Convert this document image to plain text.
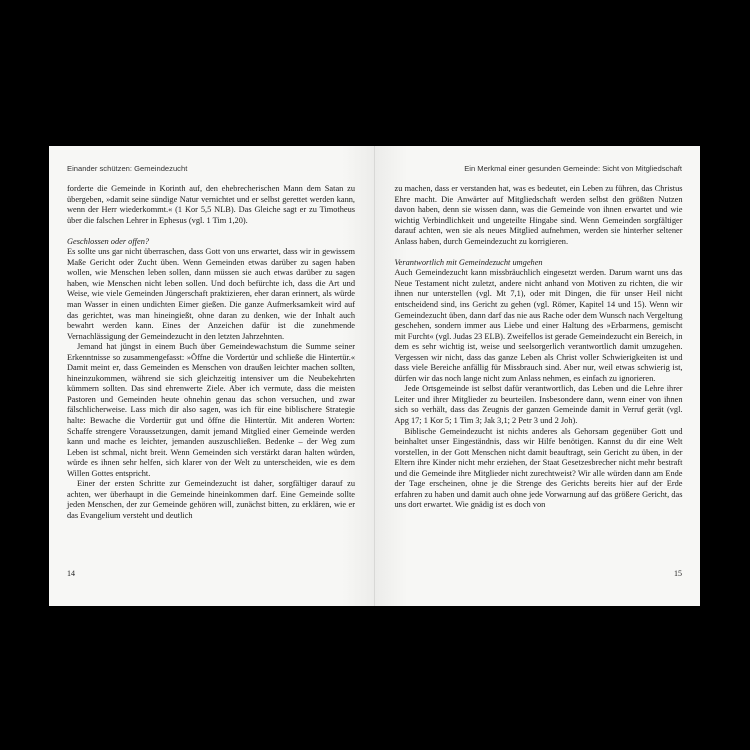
Einander schützen: Gemeindezucht

forderte die Gemeinde in Korinth auf, den ehebrecherischen Mann dem Satan zu übergeben, »damit seine sündige Natur vernichtet und er selbst gerettet werden kann, wenn der Herr wiederkommt.« (1 Kor 5,5 NLB). Das Gleiche sagt er zu Timotheus über die falschen Lehrer in Ephesus (vgl. 1 Tim 1,20).

Geschlossen oder offen?

Es sollte uns gar nicht überraschen, dass Gott von uns erwartet, dass wir in gewissem Maße Gericht oder Zucht üben. Wenn Gemeinden etwas darüber zu sagen haben wollen, wie Menschen leben sollen, dann müssen sie auch etwas darüber zu sagen haben, wie Menschen nicht leben sollen. Und doch befürchte ich, dass die Art und Weise, wie viele Gemeinden Jüngerschaft praktizieren, eher daran erinnert, als würde man Wasser in einen undichten Eimer gießen. Die ganze Aufmerksamkeit wird auf das gerichtet, was man hineingießt, ohne daran zu denken, wie der Inhalt auch bewahrt werden kann. Eines der Anzeichen dafür ist die zunehmende Vernachlässigung der Gemeindezucht in den letzten Jahrzehnten.

Jemand hat jüngst in einem Buch über Gemeindewachstum die Summe seiner Erkenntnisse so zusammengefasst: »Öffne die Vordertür und schließe die Hintertür.« Damit meint er, dass Gemeinden es Menschen von draußen leichter machen sollten, hineinzukommen, während sie sich gleichzeitig intensiver um die Neubekehrten kümmern sollten. Das sind ehrenwerte Ziele. Aber ich vermute, dass die meisten Pastoren und Gemeinden heute ohnehin genau das schon versuchen, und zwar fälschlicherweise. Lass mich dir also sagen, was ich für eine biblischere Strategie halte: Bewache die Vordertür gut und öffne die Hintertür. Mit anderen Worten: Schaffe strengere Voraussetzungen, damit jemand Mitglied einer Gemeinde werden kann und mache es leichter, jemanden auszuschließen. Bedenke – der Weg zum Leben ist schmal, nicht breit. Wenn Gemeinden sich verstärkt daran halten würden, würde es ihnen sehr helfen, sich klarer von der Welt zu unterscheiden, wie es dem Willen Gottes entspricht.

Einer der ersten Schritte zur Gemeindezucht ist daher, sorgfältiger darauf zu achten, wer überhaupt in die Gemeinde hineinkommen darf. Eine Gemeinde sollte jeden Menschen, der zur Gemeinde gehören will, zunächst bitten, zu erklären, wie er das Evangelium versteht und deutlich

14
Ein Merkmal einer gesunden Gemeinde: Sicht von Mitgliedschaft

zu machen, dass er verstanden hat, was es bedeutet, ein Leben zu führen, das Christus Ehre macht. Die Anwärter auf Mitgliedschaft werden selbst den größten Nutzen davon haben, denn sie wissen dann, was die Gemeinde von ihnen erwartet und wie wichtig Verbindlichkeit und ungeteilte Hingabe sind. Wenn Gemeinden sorgfältiger darauf achten, wen sie als neues Mitglied aufnehmen, werden sie hinterher seltener Anlass haben, durch Gemeindezucht zu korrigieren.

Verantwortlich mit Gemeindezucht umgehen

Auch Gemeindezucht kann missbräuchlich eingesetzt werden. Darum warnt uns das Neue Testament nicht zuletzt, andere nicht anhand von Motiven zu richten, die wir ihnen nur unterstellen (vgl. Mt 7,1), oder mit Dingen, die für unser Heil nicht entscheidend sind, ins Gericht zu gehen (vgl. Römer, Kapitel 14 und 15). Wenn wir Gemeindezucht üben, dann darf das nie aus Rache oder dem Wunsch nach Vergeltung geschehen, sondern immer aus Liebe und einer Haltung des »Erbarmens, gemischt mit Furcht« (vgl. Judas 23 ELB). Zweifellos ist gerade Gemeindezucht ein Bereich, in dem es sehr wichtig ist, weise und seelsorgerlich verantwortlich damit umzugehen. Vergessen wir nicht, dass das ganze Leben als Christ voller Schwierigkeiten ist und dass viele Bereiche anfällig für Missbrauch sind. Aber nur, weil etwas schwierig ist, dürfen wir das noch lange nicht zum Anlass nehmen, es einfach zu ignorieren.

Jede Ortsgemeinde ist selbst dafür verantwortlich, das Leben und die Lehre ihrer Leiter und ihrer Mitglieder zu beurteilen. Insbesondere dann, wenn einer von ihnen sich so verhält, dass das Zeugnis der ganzen Gemeinde damit in Verruf gerät (vgl. Apg 17; 1 Kor 5; 1 Tim 3; Jak 3,1; 2 Petr 3 und 2 Joh).

Biblische Gemeindezucht ist nichts anderes als Gehorsam gegenüber Gott und beinhaltet unser Eingeständnis, dass wir Hilfe benötigen. Kannst du dir eine Welt vorstellen, in der Gott Menschen nicht damit beauftragt, sein Gericht zu üben, in der Eltern ihre Kinder nicht mehr erziehen, der Staat Gesetzesbrecher nicht mehr bestraft und die Gemeinde ihre Mitglieder nicht zurechtweist? Wir alle würden dann am Ende der Tage erscheinen, ohne je die Strenge des Gerichts bereits hier auf der Erde erfahren zu haben und damit auch ohne jede Vorwarnung auf das größere Gericht, das uns dort erwartet. Wie gnädig ist es doch von

15
